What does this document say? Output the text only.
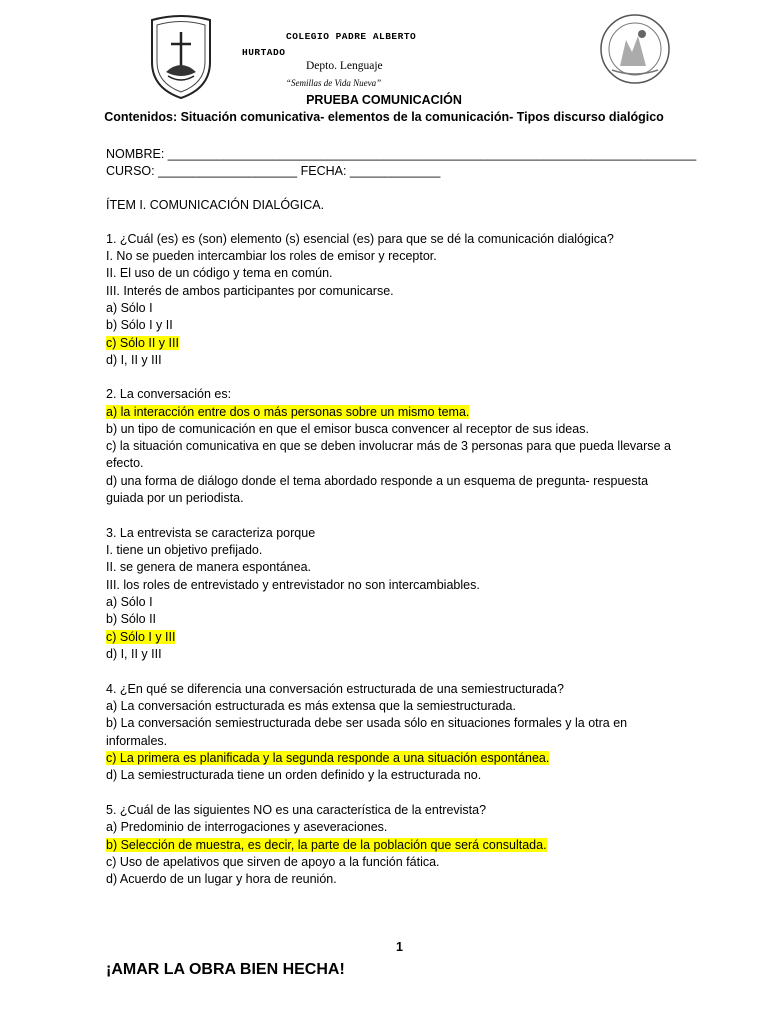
COLEGIO PADRE ALBERTO
HURTADO
Depto. Lenguaje
“Semillas de Vida Nueva”
PRUEBA COMUNICACIÓN
Contenidos: Situación comunicativa- elementos de la comunicación- Tipos discurso dialógico
NOMBRE: ____________________________________________________________________________
CURSO: ____________________ FECHA: _____________
ÍTEM I. COMUNICACIÓN DIALÓGICA.
1. ¿Cuál (es) es (son) elemento (s) esencial (es) para que se dé la comunicación dialógica?
I. No se pueden intercambiar los roles de emisor y receptor.
II. El uso de un código y tema en común.
III. Interés de ambos participantes por comunicarse.
a) Sólo I
b) Sólo I y II
c) Sólo II y III
d) I, II y III
2. La conversación es:
a) la interacción entre dos o más personas sobre un mismo tema.
b) un tipo de comunicación en que el emisor busca convencer al receptor de sus ideas.
c) la situación comunicativa en que se deben involucrar más de 3 personas para que pueda llevarse a
efecto.
d) una forma de diálogo donde el tema abordado responde a un esquema de pregunta- respuesta
guiada por un periodista.
3. La entrevista se caracteriza porque
I. tiene un objetivo prefijado.
II. se genera de manera espontánea.
III. los roles de entrevistado y entrevistador no son intercambiables.
a) Sólo I
b) Sólo II
c) Sólo I y III
d) I, II y III
4. ¿En qué se diferencia una conversación estructurada de una semiestructurada?
a) La conversación estructurada es más extensa que la semiestructurada.
b) La conversación semiestructurada debe ser usada sólo en situaciones formales y la otra en
informales.
c) La primera es planificada y la segunda responde a una situación espontánea.
d) La semiestructurada tiene un orden definido y la estructurada no.
5. ¿Cuál de las siguientes NO es una característica de la entrevista?
a) Predominio de interrogaciones y aseveraciones.
b) Selección de muestra, es decir, la parte de la población que será consultada.
c) Uso de apelativos que sirven de apoyo a la función fática.
d) Acuerdo de un lugar y hora de reunión.
1
¡AMAR LA OBRA BIEN HECHA!
